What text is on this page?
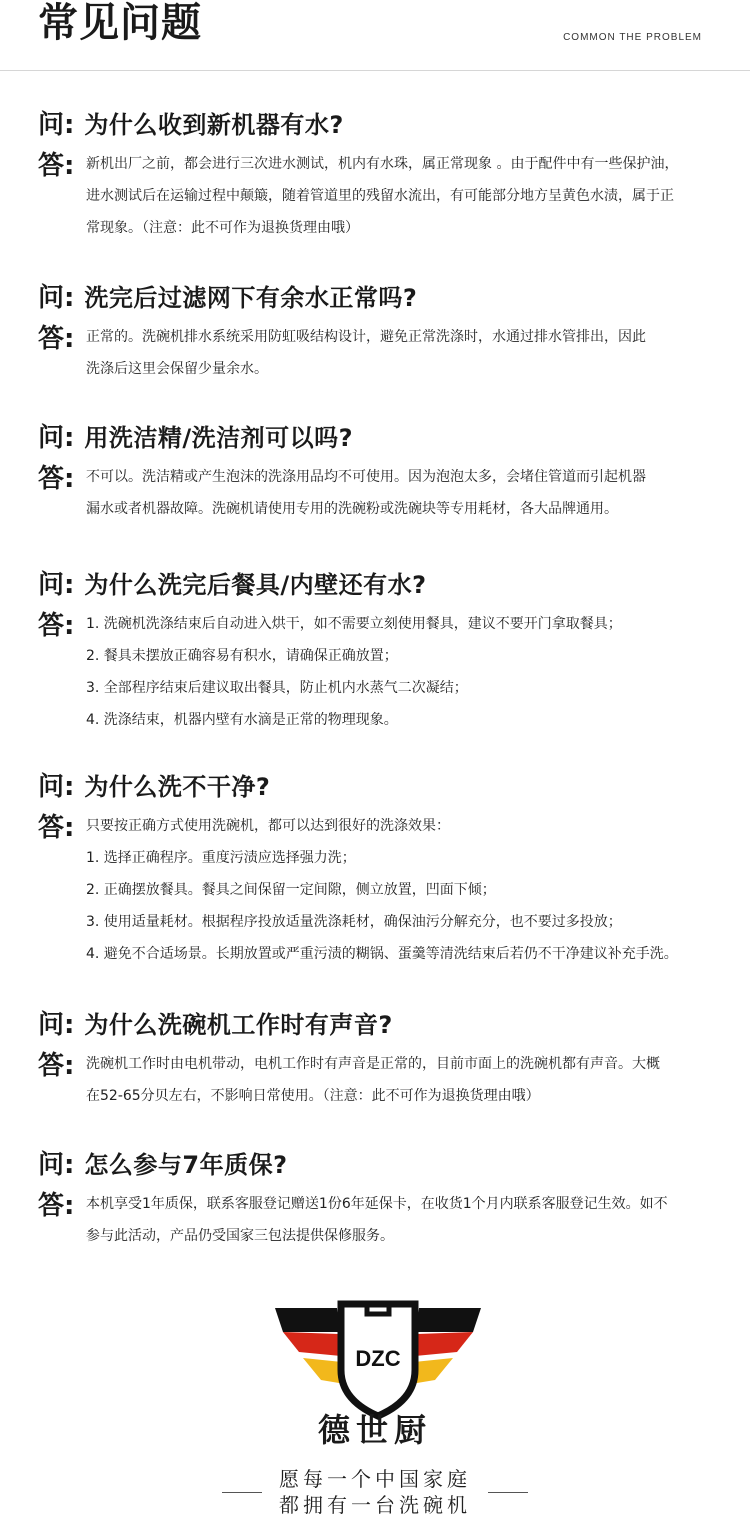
常见问题	COMMON THE PROBLEM
问 : 为什么收到新机器有水?
答: 新机出厂之前，都会进行三次进水测试，机内有水珠，属正常现象 。由于配件中有一些保护油，
进水测试后在运输过程中颠簸，随着管道里的残留水流出，有可能部分地方呈黄色水渍，属于正
常现象。（注意：此不可作为退换货理由哦）
问 : 洗完后过滤网下有余水正常吗?
答: 正常的。洗碗机排水系统采用防虹吸结构设计，避免正常洗涤时，水通过排水管排出，因此
洗涤后这里会保留少量余水。
问 : 用洗洁精/洗洁剂可以吗?
答: 不可以。洗洁精或产生泡沫的洗涤用品均不可使用。因为泡泡太多，会堵住管道而引起机器
漏水或者机器故障。洗碗机请使用专用的洗碗粉或洗碗块等专用耗材，各大品牌通用。
问 : 为什么洗完后餐具/内壁还有水?
答: 1. 洗碗机洗涤结束后自动进入烘干，如不需要立刻使用餐具，建议不要开门拿取餐具；
2. 餐具未摆放正确容易有积水，请确保正确放置；
3. 全部程序结束后建议取出餐具，防止机内水蒸气二次凝结；
4. 洗涤结束，机器内壁有水滴是正常的物理现象。
问 : 为什么洗不干净?
答: 只要按正确方式使用洗碗机，都可以达到很好的洗涤效果：
1. 选择正确程序。重度污渍应选择强力洗；
2. 正确摆放餐具。餐具之间保留一定间隙，侧立放置，凹面下倾；
3. 使用适量耗材。根据程序投放适量洗涤耗材，确保油污分解充分，也不要过多投放；
4. 避免不合适场景。长期放置或严重污渍的糊锅、蛋羹等清洗结束后若仍不干净建议补充手洗。
问 : 为什么洗碗机工作时有声音?
答: 洗碗机工作时由电机带动，电机工作时有声音是正常的，目前市面上的洗碗机都有声音。大概
在52-65分贝左右，不影响日常使用。（注意：此不可作为退换货理由哦）
问 : 怎么参与7年质保?
答: 本机享受1年质保，联系客服登记赠送1份6年延保卡，在收货1个月内联系客服登记生效。如不
参与此活动，产品仍受国家三包法提供保修服务。
DZC
德世厨
愿每一个中国家庭
都拥有一台洗碗机
